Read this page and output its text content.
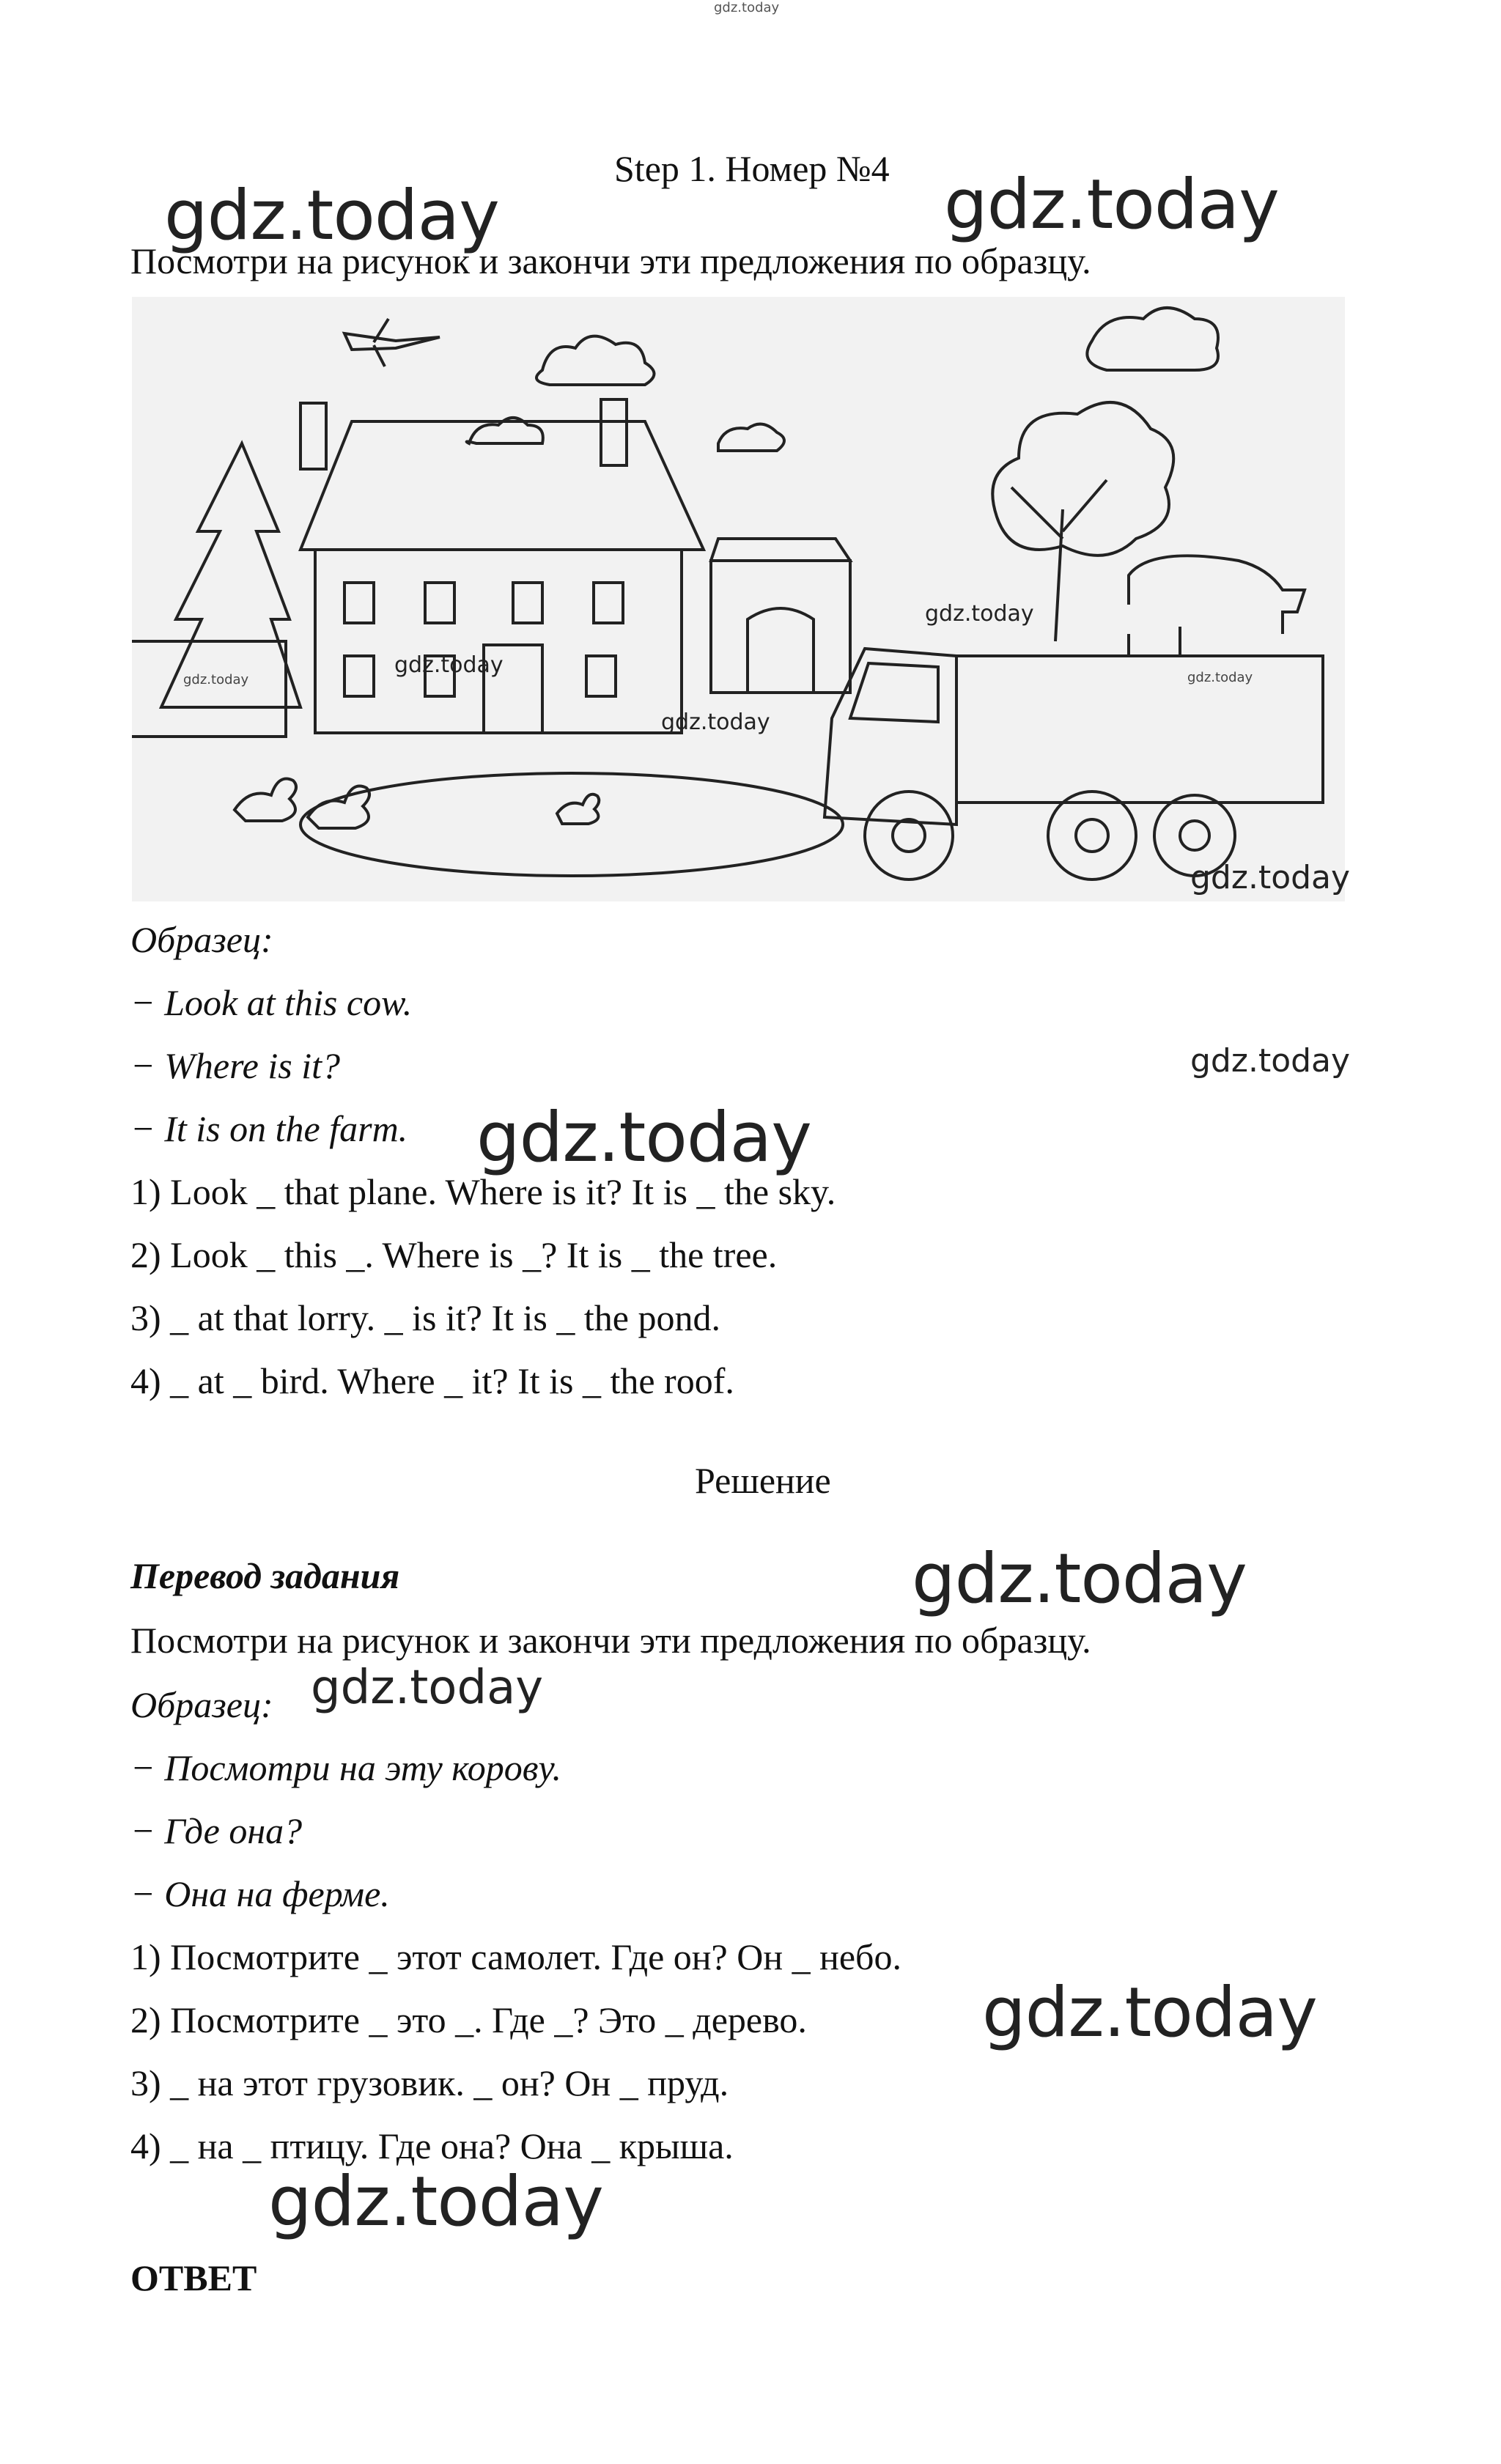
gdz.today
Step 1. Номер №4
gdz.today	gdz.today
Посмотри на рисунок и закончи эти предложения по образцу.
gdz.today
gdz.today
gdz.today
gdz.today	gdz.today
gdz.today
Образец:
− Look at this cow.
− Where is it?	gdz.today
− It is on the farm. gdz.today
1) Look _ that plane. Where is it? It is _ the sky.
2) Look _ this _. Where is _? It is _ the tree.
3) _ at that lorry. _ is it? It is _ the pond.
4) _ at _ bird. Where _ it? It is _ the roof.
Решение
Перевод задания	gdz.today
Посмотри на рисунок и закончи эти предложения по образцу.
Образец: gdz.today
− Посмотри на эту корову.
− Где она?
− Она на ферме.
1) Посмотрите _ этот самолет. Где он? Он _ небо.
2) Посмотрите _ это _. Где _? Это _ дерево.	gdz.today
3) _ на этот грузовик. _ он? Он _ пруд.
4) _ на _ птицу. Где она? Она _ крыша.
gdz.today
ОТВЕТ
